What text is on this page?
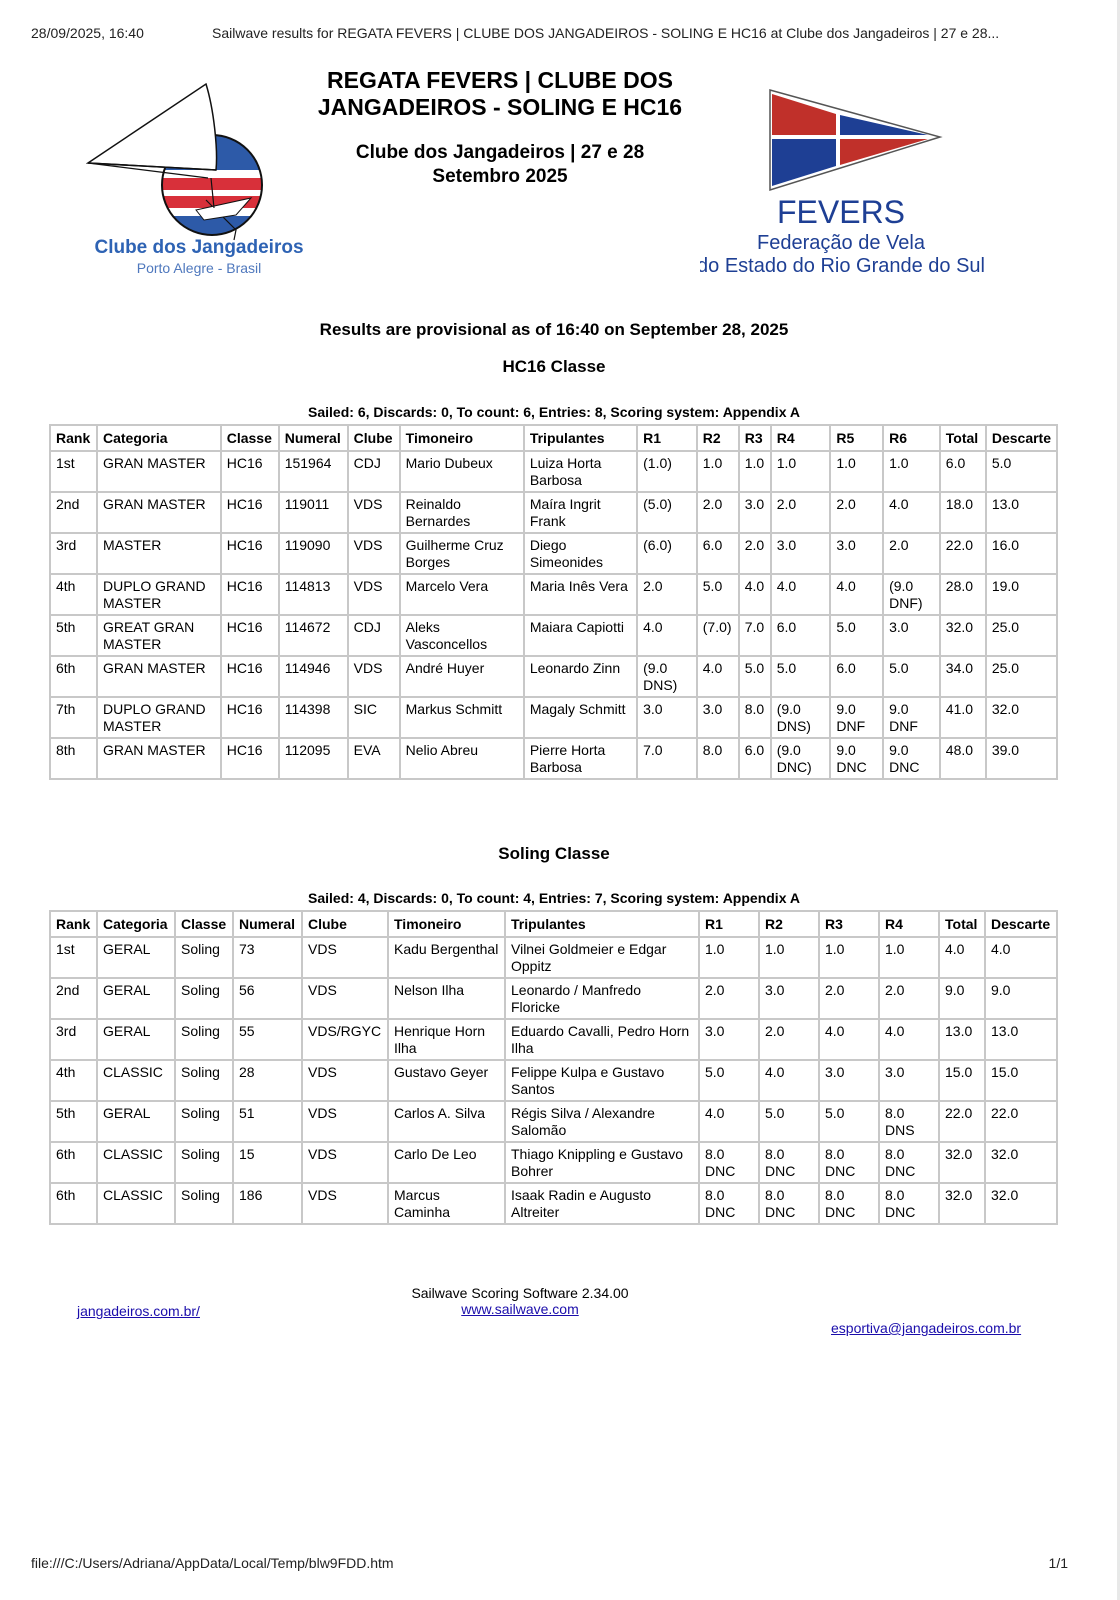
28/09/2025, 16:40	Sailwave results for REGATA FEVERS | CLUBE DOS JANGADEIROS - SOLING E HC16 at Clube dos Jangadeiros | 27 e 28...
Clube dos Jangadeiros
Porto Alegre - Brasil
REGATA FEVERS | CLUBE DOS JANGADEIROS - SOLING E HC16
Clube dos Jangadeiros | 27 e 28 Setembro 2025
FEVERS
Federação de Vela
do Estado do Rio Grande do Sul
Results are provisional as of 16:40 on September 28, 2025
HC16 Classe
Sailed: 6, Discards: 0, To count: 6, Entries: 8, Scoring system: Appendix A
Rank	Categoria	Classe	Numeral	Clube	Timoneiro	Tripulantes	R1	R2	R3	R4	R5	R6	Total	Descarte
1st	GRAN MASTER	HC16	151964	CDJ	Mario Dubeux	Luiza Horta Barbosa	(1.0)	1.0	1.0	1.0	1.0	1.0	6.0	5.0
2nd	GRAN MASTER	HC16	119011	VDS	Reinaldo Bernardes	Maíra Ingrit Frank	(5.0)	2.0	3.0	2.0	2.0	4.0	18.0	13.0
3rd	MASTER	HC16	119090	VDS	Guilherme Cruz Borges	Diego Simeonides	(6.0)	6.0	2.0	3.0	3.0	2.0	22.0	16.0
4th	DUPLO GRAND MASTER	HC16	114813	VDS	Marcelo Vera	Maria Inês Vera	2.0	5.0	4.0	4.0	4.0	(9.0 DNF)	28.0	19.0
5th	GREAT GRAN MASTER	HC16	114672	CDJ	Aleks Vasconcellos	Maiara Capiotti	4.0	(7.0)	7.0	6.0	5.0	3.0	32.0	25.0
6th	GRAN MASTER	HC16	114946	VDS	André Huyer	Leonardo Zinn	(9.0 DNS)	4.0	5.0	5.0	6.0	5.0	34.0	25.0
7th	DUPLO GRAND MASTER	HC16	114398	SIC	Markus Schmitt	Magaly Schmitt	3.0	3.0	8.0	(9.0 DNS)	9.0 DNF	9.0 DNF	41.0	32.0
8th	GRAN MASTER	HC16	112095	EVA	Nelio Abreu	Pierre Horta Barbosa	7.0	8.0	6.0	(9.0 DNC)	9.0 DNC	9.0 DNC	48.0	39.0
Soling Classe
Sailed: 4, Discards: 0, To count: 4, Entries: 7, Scoring system: Appendix A
Rank	Categoria	Classe	Numeral	Clube	Timoneiro	Tripulantes	R1	R2	R3	R4	Total	Descarte
1st	GERAL	Soling	73	VDS	Kadu Bergenthal	Vilnei Goldmeier e Edgar Oppitz	1.0	1.0	1.0	1.0	4.0	4.0
2nd	GERAL	Soling	56	VDS	Nelson Ilha	Leonardo / Manfredo Floricke	2.0	3.0	2.0	2.0	9.0	9.0
3rd	GERAL	Soling	55	VDS/RGYC	Henrique Horn Ilha	Eduardo Cavalli, Pedro Horn Ilha	3.0	2.0	4.0	4.0	13.0	13.0
4th	CLASSIC	Soling	28	VDS	Gustavo Geyer	Felippe Kulpa e Gustavo Santos	5.0	4.0	3.0	3.0	15.0	15.0
5th	GERAL	Soling	51	VDS	Carlos A. Silva	Régis Silva / Alexandre Salomão	4.0	5.0	5.0	8.0 DNS	22.0	22.0
6th	CLASSIC	Soling	15	VDS	Carlo De Leo	Thiago Knippling e Gustavo Bohrer	8.0 DNC	8.0 DNC	8.0 DNC	8.0 DNC	32.0	32.0
6th	CLASSIC	Soling	186	VDS	Marcus Caminha	Isaak Radin e Augusto Altreiter	8.0 DNC	8.0 DNC	8.0 DNC	8.0 DNC	32.0	32.0
Sailwave Scoring Software 2.34.00
www.sailwave.com
jangadeiros.com.br/
esportiva@jangadeiros.com.br
file:///C:/Users/Adriana/AppData/Local/Temp/blw9FDD.htm	1/1
